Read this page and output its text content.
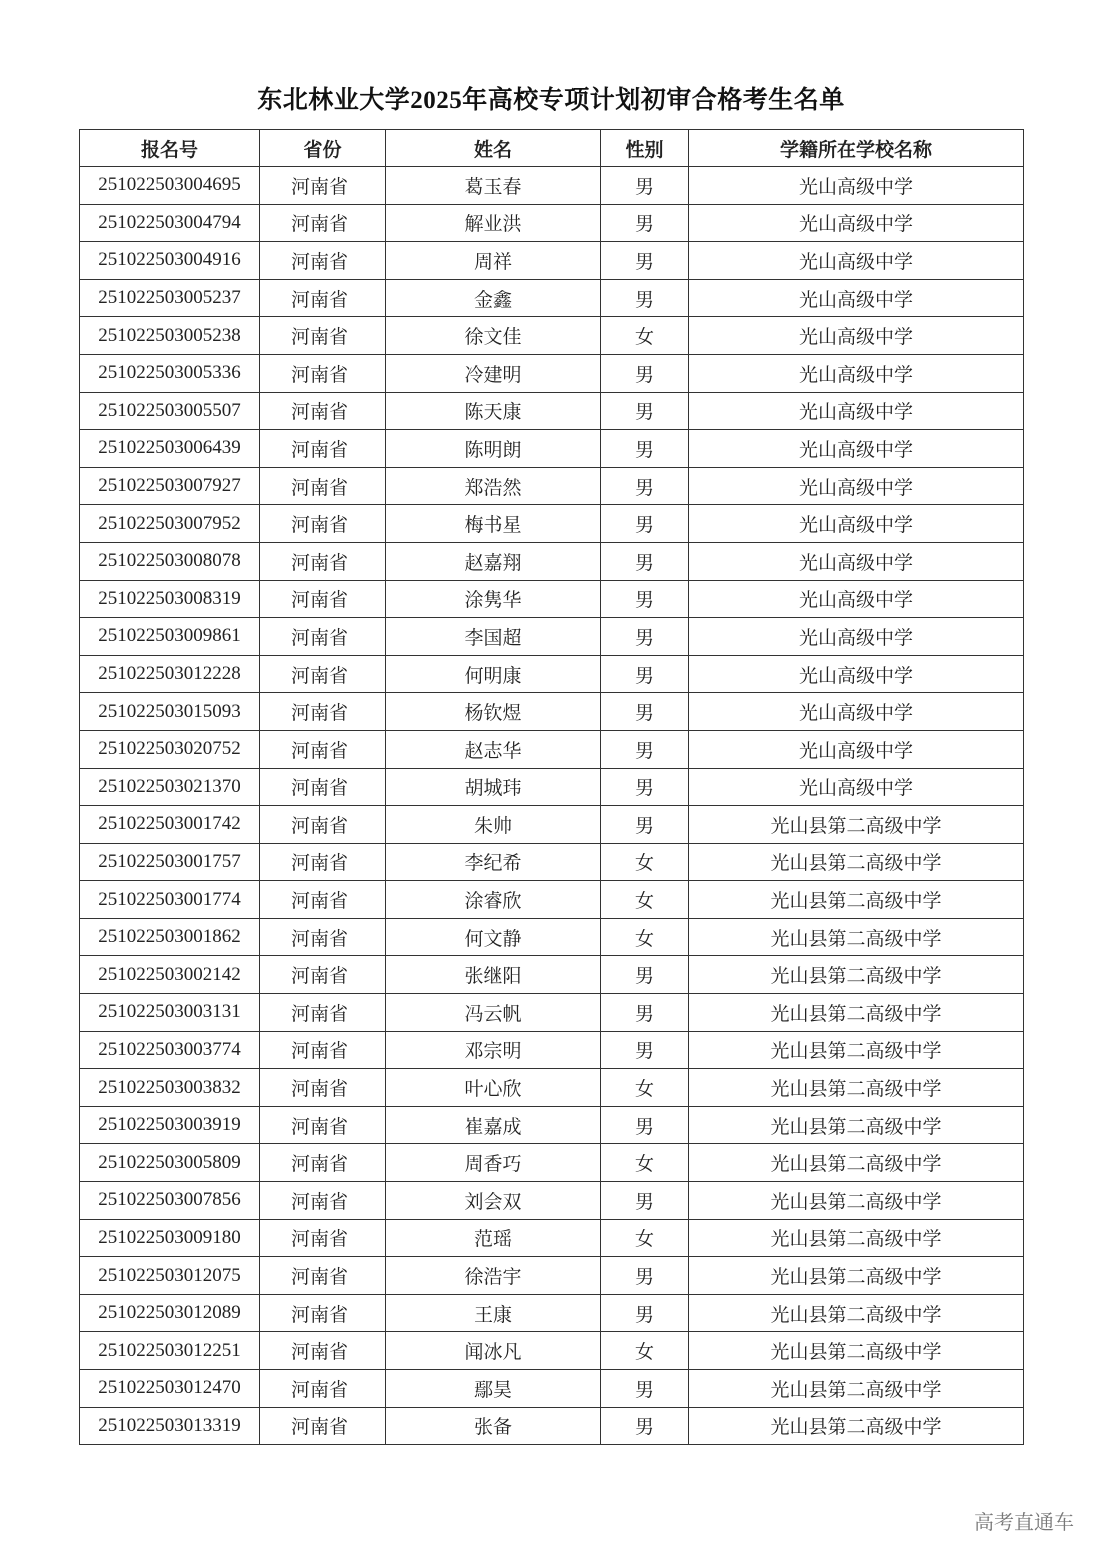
东北林业大学2025年高校专项计划初审合格考生名单
报名号	省份	姓名	性别	学籍所在学校名称
251022503004695	河南省	葛玉春	男	光山高级中学
251022503004794	河南省	解业洪	男	光山高级中学
251022503004916	河南省	周祥	男	光山高级中学
251022503005237	河南省	金鑫	男	光山高级中学
251022503005238	河南省	徐文佳	女	光山高级中学
251022503005336	河南省	冷建明	男	光山高级中学
251022503005507	河南省	陈天康	男	光山高级中学
251022503006439	河南省	陈明朗	男	光山高级中学
251022503007927	河南省	郑浩然	男	光山高级中学
251022503007952	河南省	梅书星	男	光山高级中学
251022503008078	河南省	赵嘉翔	男	光山高级中学
251022503008319	河南省	涂隽华	男	光山高级中学
251022503009861	河南省	李国超	男	光山高级中学
251022503012228	河南省	何明康	男	光山高级中学
251022503015093	河南省	杨钦煜	男	光山高级中学
251022503020752	河南省	赵志华	男	光山高级中学
251022503021370	河南省	胡城玮	男	光山高级中学
251022503001742	河南省	朱帅	男	光山县第二高级中学
251022503001757	河南省	李纪希	女	光山县第二高级中学
251022503001774	河南省	涂睿欣	女	光山县第二高级中学
251022503001862	河南省	何文静	女	光山县第二高级中学
251022503002142	河南省	张继阳	男	光山县第二高级中学
251022503003131	河南省	冯云帆	男	光山县第二高级中学
251022503003774	河南省	邓宗明	男	光山县第二高级中学
251022503003832	河南省	叶心欣	女	光山县第二高级中学
251022503003919	河南省	崔嘉成	男	光山县第二高级中学
251022503005809	河南省	周香巧	女	光山县第二高级中学
251022503007856	河南省	刘会双	男	光山县第二高级中学
251022503009180	河南省	范瑶	女	光山县第二高级中学
251022503012075	河南省	徐浩宇	男	光山县第二高级中学
251022503012089	河南省	王康	男	光山县第二高级中学
251022503012251	河南省	闻冰凡	女	光山县第二高级中学
251022503012470	河南省	鄢昊	男	光山县第二高级中学
251022503013319	河南省	张备	男	光山县第二高级中学
高考直通车
